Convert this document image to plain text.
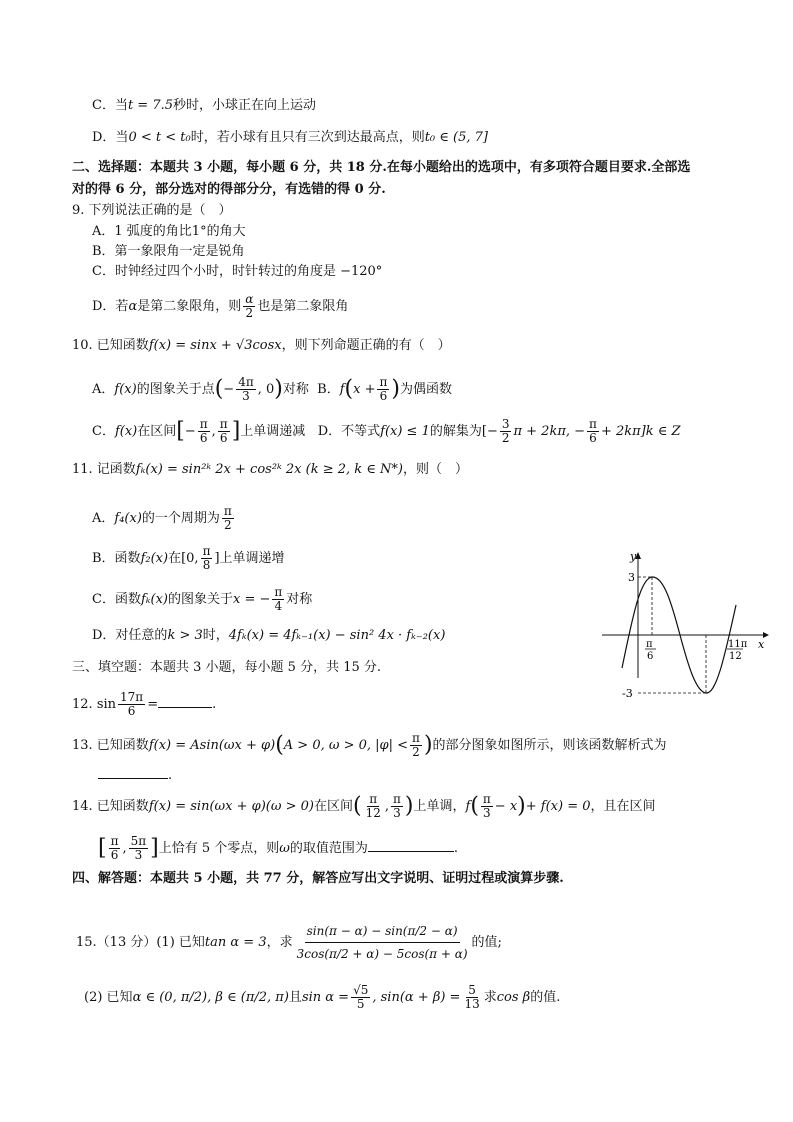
C．当t = 7.5秒时，小球正在向上运动
D．当0 < t < t₀时，若小球有且只有三次到达最高点，则t₀ ∈ (5, 7]
二、选择题：本题共 3 小题，每小题 6 分，共 18 分.在每小题给出的选项中，有多项符合题目要求.全部选
对的得 6 分，部分选对的得部分分，有选错的得 0 分.
9. 下列说法正确的是（　）
A．1 弧度的角比1°的角大
B．第一象限角一定是锐角
C．时钟经过四个小时，时针转过的角度是 −120°
D．若α是第二象限角，则 $\frac{\alpha}{2}$ 也是第二象限角
10. 已知函数f(x) = sinx + √3cosx，则下列命题正确的有（　）
A．f(x)的图象关于点(− $\frac{4\pi}{3}$ , 0)对称 B．$f(x + \frac{\pi}{6}$ )为偶函数
C．f(x)在区间[− $\frac{\pi}{6}$ , $\frac{\pi}{6}$ ]上单调递减 D．不等式f(x) ≤ 1的解集为[− $\frac{3}{2}$ π + 2kπ, − $\frac{\pi}{6} + 2k\pi]k$ ∈ Z
11. 记函数fₖ(x) = sin²ᵏ 2x + cos²ᵏ 2x (k ≥ 2, k ∈ N*)，则（　）
A．f₄(x)的一个周期为 $\frac{\pi}{2}$
B．函数f₂(x)在[0, $\frac{\pi}{8}$ ]上单调递增
C．函数fₖ(x)的图象关于x = − $\frac{\pi}{4}$ 对称
D．对任意的k > 3时，4fₖ(x) = 4fₖ₋₁(x) − sin² 4x · fₖ₋₂(x)
三、填空题：本题共 3 小题，每小题 5 分，共 15 分.
12. $\sin \frac{17\pi}{6}$ =	.
13. 已知函数f(x) = Asin(ωx + φ)(A > 0, ω > 0, $|\varphi| < \frac{\pi}{2}$ )的部分图象如图所示，则该函数解析式为
.
14. 已知函数f(x) = sin(ωx + φ)(ω > 0)在区间( $\frac{\pi}{12}$ , $\frac{\pi}{3}$ )上单调，$f( \frac{\pi}{3} - x)+ f(x) = 0$，且在区间
[ $\frac{\pi}{6}$ , $\frac{5\pi}{3}$ ]上恰有 5 个零点，则ω的取值范围为	.
四、解答题：本题共 5 小题，共 77 分，解答应写出文字说明、证明过程或演算步骤.
15.（13 分）(1) 已知tan α = 3，求 $\frac{\sin(\pi - \alpha) - \sin(\pi/2 - \alpha)}{3\cos(\pi/2 + \alpha) - 5\cos(\pi + \alpha)}$ 的值;
(2) 已知α ∈ (0, π/2), β ∈ (π/2, π)且$\sin \alpha = \frac{√5}{5}$ , $\sin(\alpha + \beta) = \frac{5}{13}$ 求cos β的值.
y
x
3
π
6
11π
12
-3
